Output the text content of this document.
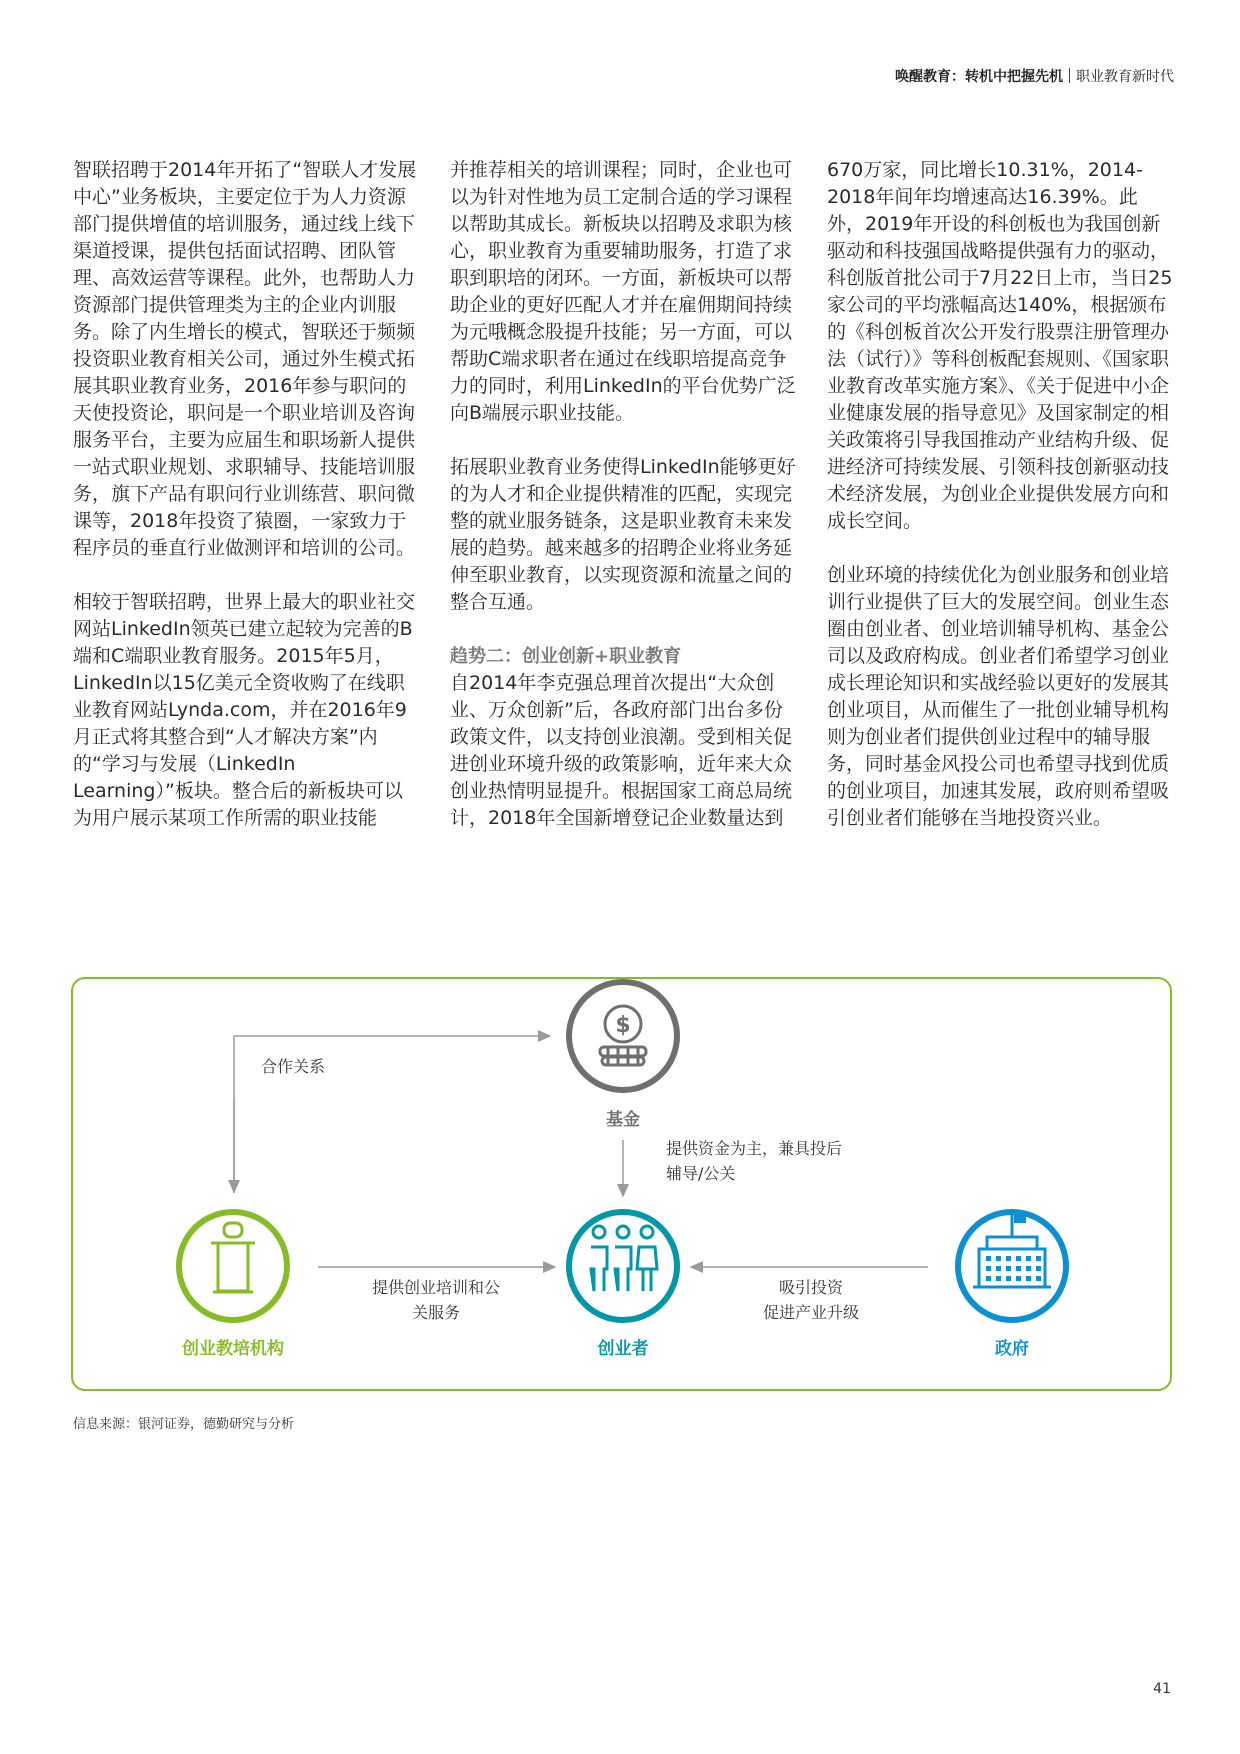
唤醒教育：转机中把握先机 职业教育新时代

智联招聘于2014年开拓了“智联人才发展中心”业务板块，主要定位于为人力资源部门提供增值的培训服务，通过线上线下渠道授课，提供包括面试招聘、团队管理、高效运营等课程。此外，也帮助人力资源部门提供管理类为主的企业内训服务。除了内生增长的模式，智联还于频频投资职业教育相关公司，通过外生模式拓展其职业教育业务，2016年参与职问的天使投资论，职问是一个职业培训及咨询服务平台，主要为应届生和职场新人提供一站式职业规划、求职辅导、技能培训服务，旗下产品有职问行业训练营、职问微课等，2018年投资了猿圈，一家致力于程序员的垂直行业做测评和培训的公司。

相较于智联招聘，世界上最大的职业社交网站LinkedIn领英已建立起较为完善的B端和C端职业教育服务。2015年5月， LinkedIn以15亿美元全资收购了在线职业教育网站Lynda.com，并在2016年9月正式将其整合到“人才解决方案”内的“学习与发展（LinkedIn Learning）”板块。整合后的新板块可以为用户展示某项工作所需的职业技能

并推荐相关的培训课程；同时，企业也可以为针对性地为员工定制合适的学习课程以帮助其成长。新板块以招聘及求职为核心，职业教育为重要辅助服务，打造了求职到职培的闭环。一方面，新板块可以帮助企业的更好匹配人才并在雇佣期间持续为元哦概念股提升技能；另一方面，可以帮助C端求职者在通过在线职培提高竞争力的同时，利用LinkedIn的平台优势广泛向B端展示职业技能。

拓展职业教育业务使得LinkedIn能够更好的为人才和企业提供精准的匹配，实现完整的就业服务链条，这是职业教育未来发展的趋势。越来越多的招聘企业将业务延伸至职业教育，以实现资源和流量之间的整合互通。

趋势二：创业创新+职业教育

自2014年李克强总理首次提出“大众创业、万众创新”后，各政府部门出台多份政策文件，以支持创业浪潮。受到相关促进创业环境升级的政策影响，近年来大众创业热情明显提升。根据国家工商总局统计，2018年全国新增登记企业数量达到

670万家，同比增长10.31%，2014-2018年间年均增速高达16.39%。此外，2019年开设的科创板也为我国创新驱动和科技强国战略提供强有力的驱动，科创版首批公司于7月22日上市，当日25家公司的平均涨幅高达140%，根据颁布的《科创板首次公开发行股票注册管理办法（试行）》等科创板配套规则、《国家职业教育改革实施方案》、《关于促进中小企业健康发展的指导意见》及国家制定的相关政策将引导我国推动产业结构升级、促进经济可持续发展、引领科技创新驱动技术经济发展，为创业企业提供发展方向和成长空间。

创业环境的持续优化为创业服务和创业培训行业提供了巨大的发展空间。创业生态圈由创业者、创业培训辅导机构、基金公司以及政府构成。创业者们希望学习创业成长理论知识和实战经验以更好的发展其创业项目，从而催生了一批创业辅导机构则为创业者们提供创业过程中的辅导服务，同时基金风投公司也希望寻找到优质的创业项目，加速其发展，政府则希望吸引创业者们能够在当地投资兴业。

$
基金
创业教培机构	创业者	政府
合作关系
提供资金为主，兼具投后
辅导/公关
提供创业培训和公
关服务
吸引投资
促进产业升级
信息来源：银河证券，德勤研究与分析
41
